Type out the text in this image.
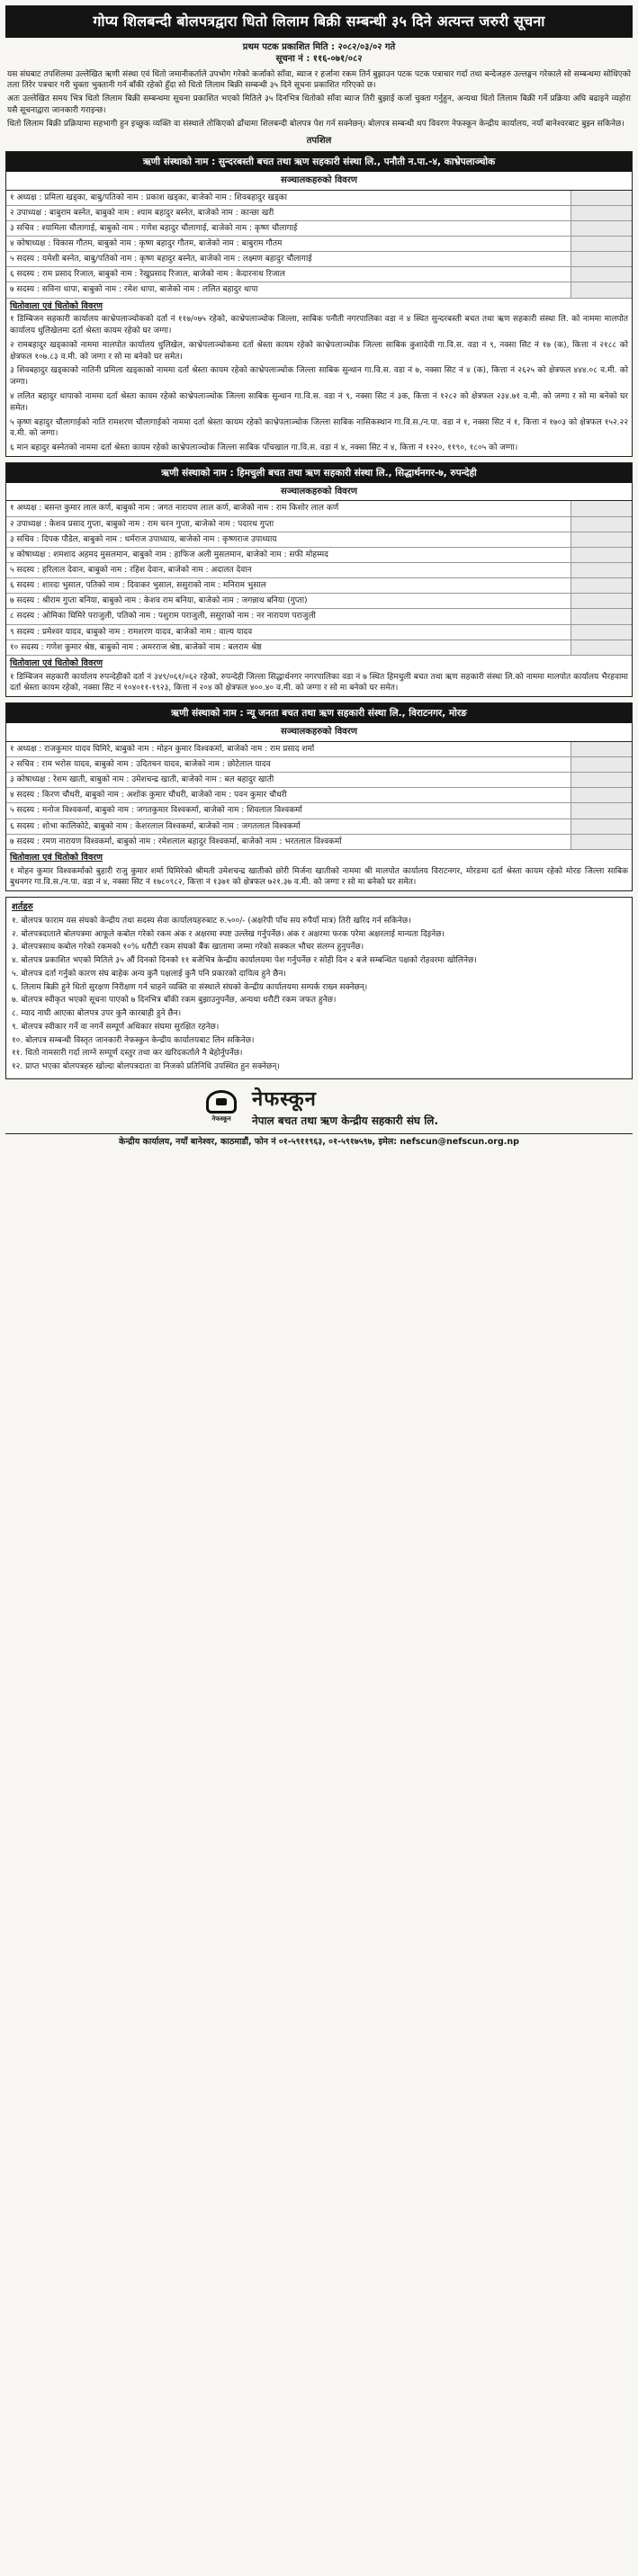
गोप्य शिलबन्दी बोलपत्रद्वारा धितो लिलाम बिक्री सम्बन्धी ३५ दिने अत्यन्त जरुरी सूचना
प्रथम पटक प्रकाशित मिति : २०८२/०३/०२ गते
सूचना नं : ११६-०७१/०८२

यस संघबाट तपशिलमा उल्लेखित ऋणी संस्था एवं धितो जमानीकर्ताले उपभोग गरेको कर्जाको साँवा, ब्याज र हर्जाना रकम तिर्न बुझाउन पटक पटक पत्राचार गर्दा तथा बन्देजहरु उल्लङ्घन गरेकाले सो सम्बन्धमा सोधिएको तला तिरेर पत्रचार गरी चुक्ता भुक्तानी गर्न बाँकी रहेको हुँदा सो धितो लिलाम बिक्री सम्बन्धी ३५ दिने सूचना प्रकाशित गरिएको छ।

अतः उल्लेखित समय भित्र धितो लिलाम बिक्री सम्बन्धमा सूचना प्रकाशित भएको मितिले ३५ दिनभित्र धितोको साँवा ब्याज तिरी बुझाई कर्जा चुक्ता गर्नुहुन, अन्यथा धितो लिलाम बिक्री गर्ने प्रक्रिया अघि बढाइने व्यहोरा यसै सूचनाद्वारा जानकारी गराइन्छ।

धितो लिलाम बिक्री प्रक्रियामा सहभागी हुन इच्छुक व्यक्ति वा संस्थाले तोकिएको ढाँचामा शिलबन्दी बोलपत्र पेश गर्न सक्नेछन्। बोलपत्र सम्बन्धी थप विवरण नेफस्कून केन्द्रीय कार्यालय, नयाँ बानेश्वरबाट बुझ्न सकिनेछ।

तपशिल
ऋणी संस्थाको नाम : सुन्दरबस्ती बचत तथा ऋण सहकारी संस्था लि., पनौती न.पा.-४, काभ्रेपलाञ्चोक
सञ्चालकहरुको विवरण
१ अध्यक्ष : प्रमिला खड्का, बाबु/पतिको नाम : प्रकाश खड्का, बाजेको नाम : शिवबहादुर खड्का
२ उपाध्यक्ष : बाबुराम बस्नेत, बाबुको नाम : श्याम बहादुर बस्नेत, बाजेको नाम : कान्छा खरी
३ सचिव : श्यामिला चौलागाई, बाबुको नाम : गणेश बहादुर चौलागाई, बाजेको नाम : कृष्ण चौलागाई
४ कोषाध्यक्ष : विकास गौतम, बाबुको नाम : कृष्ण बहादुर गौतम, बाजेको नाम : बाबुराम गौतम
५ सदस्य : यमेशी बस्नेत, बाबु/पतिको नाम : कृष्ण बहादुर बस्नेत, बाजेको नाम : लक्ष्मण बहादुर चौलागाई
६ सदस्य : राम प्रसाद रिजाल, बाबुको नाम : रेखुप्रसाद रिजाल, बाजेको नाम : केदारनाथ रिजाल
७ सदस्य : सविना थापा, बाबुको नाम : रमेश थापा, बाजेको नाम : ललित बहादुर थापा
धितोवाला एवं धितोको विवरण
१ डिम्बिजन सहकारी कार्यालय काभ्रेपलाञ्चोकको दर्ता नं ११७/०७५ रहेको, काभ्रेपलाञ्चोक जिल्ला, साबिक पनौती नगरपालिका वडा नं ४ स्थित सुन्दरबस्ती बचत तथा ऋण सहकारी संस्था लि. को नाममा मालपोत कार्यालय धुलिखेलमा दर्ता श्रेस्ता कायम रहेको घर जग्गा।
२ रामबहादुर खड्काको नाममा मालपोत कार्यालय धुलिखेल, काभ्रेपलाञ्चोकमा दर्ता श्रेस्ता कायम रहेको काभ्रेपलाञ्चोक जिल्ला साबिक कुशादेवी गा.वि.स. वडा नं ९, नक्सा सिट नं १७ (क), कित्ता नं २१८८ को क्षेत्रफल १०७.८३ व.मी. को जग्गा र सो मा बनेको घर समेत।
३ शिवबहादुर खड्काको नातिनी प्रमिला खड्काको नाममा दर्ता श्रेस्ता कायम रहेको काभ्रेपलाञ्चोक जिल्ला साबिक सुन्थान गा.वि.स. वडा नं ७, नक्सा सिट नं ४ (क), कित्ता नं २६२५ को क्षेत्रफल ४४४.०८ व.मी. को जग्गा।
४ ललित बहादुर थापाको नाममा दर्ता श्रेस्ता कायम रहेको काभ्रेपलाञ्चोक जिल्ला साबिक सुन्थान गा.वि.स. वडा नं ९, नक्सा सिट नं ३क, कित्ता नं १२८२ को क्षेत्रफल २३४.७१ व.मी. को जग्गा र सो मा बनेको घर समेत।
५ कृष्ण बहादुर चौलागाईको नाति रामशरण चौलागाईको नाममा दर्ता श्रेस्ता कायम रहेको काभ्रेपलाञ्चोक जिल्ला साबिक नासिकस्थान गा.वि.स./न.पा. वडा नं १, नक्सा सिट नं १, कित्ता नं १७०३ को क्षेत्रफल १५२.२२ व.मी. को जग्गा।
६ मान बहादुर बस्नेतको नाममा दर्ता श्रेस्ता कायम रहेको काभ्रेपलाञ्चोक जिल्ला साबिक पाँचखाल गा.वि.स. वडा नं ४, नक्सा सिट नं ४, कित्ता नं १२२०, ११९०, १८०५ को जग्गा।
ऋणी संस्थाको नाम : हिमचुली बचत तथा ऋण सहकारी संस्था लि., सिद्धार्थनगर-७, रुपन्देही
सञ्चालकहरुको विवरण
१ अध्यक्ष : बसन्त कुमार लाल कर्ण, बाबुको नाम : जगत नारायण लाल कर्ण, बाजेको नाम : राम किशोर लाल कर्ण
२ उपाध्यक्ष : केशव प्रसाद गुप्ता, बाबुको नाम : राम चरन गुप्ता, बाजेको नाम : पदारथ गुप्ता
३ सचिव : दिपक पौडेल, बाबुको नाम : धर्मराज उपाध्याय, बाजेको नाम : कृष्णराज उपाध्याय
४ कोषाध्यक्ष : शमशाद अहमद मुसलमान, बाबुको नाम : हाफिज अली मुसलमान, बाजेको नाम : सफी मोहम्मद
५ सदस्य : हरिलाल देवान, बाबुको नाम : रहिश देवान, बाजेको नाम : अदालत देवान
६ सदस्य : शारदा भुसाल, पतिको नाम : दिवाकर भुसाल, ससुराको नाम : मनिराम भुसाल
७ सदस्य : श्रीराम गुप्ता बनिया, बाबुको नाम : केशव राम बनिया, बाजेको नाम : जगन्नाथ बनिया (गुप्ता)
८ सदस्य : ओमिका घिमिरे पराजुली, पतिको नाम : पशुराम पराजुली, ससुराको नाम : नर नारायण पराजुली
९ सदस्य : प्रमेश्वर यादव, बाबुको नाम : रामशरण यादव, बाजेको नाम : वाल्य यादव
१० सदस्य : गणेश कुमार श्रेष्ठ, बाबुको नाम : अमरराज श्रेष्ठ, बाजेको नाम : बलराम श्रेष्ठ
धितोवाला एवं धितोको विवरण
१ डिम्बिजन सहकारी कार्यालय रुपन्देहीको दर्ता नं ३४९/०६१/०६२ रहेको, रुपन्देही जिल्ला सिद्धार्थनगर नगरपालिका वडा नं ७ स्थित हिमचुली बचत तथा ऋण सहकारी संस्था लि.को नाममा मालपोत कार्यालय भैरहवामा दर्ता श्रेस्ता कायम रहेको, नक्सा सिट नं १०४०११-१९२३, कित्ता नं २०४ को क्षेत्रफल ४००.४० व.मी. को जग्गा र सो मा बनेको घर समेत।
ऋणी संस्थाको नाम : न्यू जनता बचत तथा ऋण सहकारी संस्था लि., विराटनगर, मोरङ
सञ्चालकहरुको विवरण
१ अध्यक्ष : राजकुमार यादव घिमिरे, बाबुको नाम : मोहन कुमार विश्वकर्मा, बाजेको नाम : राम प्रसाद शर्मा
२ सचिव : राम भरोस यादव, बाबुको नाम : उदितचन यादव, बाजेको नाम : छोटेलाल यादव
३ कोषाध्यक्ष : रेशम खाती, बाबुको नाम : उमेशचन्द्र खाती, बाजेको नाम : बल बहादुर खाती
४ सदस्य : किरण चौधरी, बाबुको नाम : अशोक कुमार चौधरी, बाजेको नाम : पवन कुमार चौधरी
५ सदस्य : मनोज विश्वकर्मा, बाबुको नाम : जगतकुमार विश्वकर्मा, बाजेको नाम : शिवलाल विश्वकर्मा
६ सदस्य : शोभा कालिकोटे, बाबुको नाम : केशरलाल विश्वकर्मा, बाजेको नाम : जगतलाल विश्वकर्मा
७ सदस्य : रमण नारायण विश्वकर्मा, बाबुको नाम : रमेशलाल बहादुर विश्वकर्मा, बाजेको नाम : भरतलाल विश्वकर्मा
धितोवाला एवं धितोको विवरण
१ मोहन कुमार विश्वकर्माको बुहारी राजु कुमार शर्मा घिमिरेको श्रीमती उमेशचन्द्र खातीको छोरी मिर्जना खातीको नाममा श्री मालपोत कार्यालय विराटनगर, मोरङमा दर्ता श्रेस्ता कायम रहेको मोरङ जिल्ला साबिक बुधनगर गा.वि.स./न.पा. वडा नं ४, नक्सा सिट नं १७८०९८२, कित्ता नं १३७१ को क्षेत्रफल ७२१.३७ व.मी. को जग्गा र सो मा बनेको घर समेत।
शर्तहरु
१. बोलपत्र फाराम यस संघको केन्द्रीय तथा सदस्य सेवा कार्यालयहरुबाट रु.५००/- (अक्षरेपी पाँच सय रुपैयाँ मात्र) तिरी खरिद गर्न सकिनेछ।
२. बोलपत्रदाताले बोलपत्रमा आफूले कबोल गरेको रकम अंक र अक्षरमा स्पष्ट उल्लेख गर्नुपर्नेछ। अंक र अक्षरमा फरक परेमा अक्षरलाई मान्यता दिइनेछ।
३. बोलपत्रसाथ कबोल गरेको रकमको १०% धरौटी रकम संघको बैंक खातामा जम्मा गरेको सक्कल भौचर संलग्न हुनुपर्नेछ।
४. बोलपत्र प्रकाशित भएको मितिले ३५ औं दिनको दिनको ११ बजेभित्र केन्द्रीय कार्यालयमा पेश गर्नुपर्नेछ र सोही दिन २ बजे सम्बन्धित पक्षको रोहवरमा खोलिनेछ।
५. बोलपत्र दर्ता गर्नुको कारण संघ बाहेक अन्य कुनै पक्षलाई कुनै पनि प्रकारको दायित्व हुने छैन।
६. लिलाम बिक्री हुने धितो सुरक्षण निरीक्षण गर्न चाहने व्यक्ति वा संस्थाले संघको केन्द्रीय कार्यालयमा सम्पर्क राख्न सक्नेछन्।
७. बोलपत्र स्वीकृत भएको सूचना पाएको ७ दिनभित्र बाँकी रकम बुझाउनुपर्नेछ, अन्यथा धरौटी रकम जफत हुनेछ।
८. म्याद नाघी आएका बोलपत्र उपर कुनै कारबाही हुने छैन।
९. बोलपत्र स्वीकार गर्ने वा नगर्ने सम्पूर्ण अधिकार संघमा सुरक्षित रहनेछ।
१०. बोलपत्र सम्बन्धी विस्तृत जानकारी नेफस्कुन केन्द्रीय कार्यालयबाट लिन सकिनेछ।
११. धितो नामसारी गर्दा लाग्ने सम्पूर्ण दस्तुर तथा कर खरिदकर्ताले नै बेहोर्नुपर्नेछ।
१२. प्राप्त भएका बोलपत्रहरु खोल्दा बोलपत्रदाता वा निजको प्रतिनिधि उपस्थित हुन सक्नेछन्।
नेफस्कून
नेफस्कून
नेपाल बचत तथा ऋण केन्द्रीय सहकारी संघ लि.
केन्द्रीय कार्यालय, नयाँ बानेश्वर, काठमाडौं, फोन नं ०१-५९११९६३, ०१-५९१७५९७, इमेल: nefscun@nefscun.org.np
